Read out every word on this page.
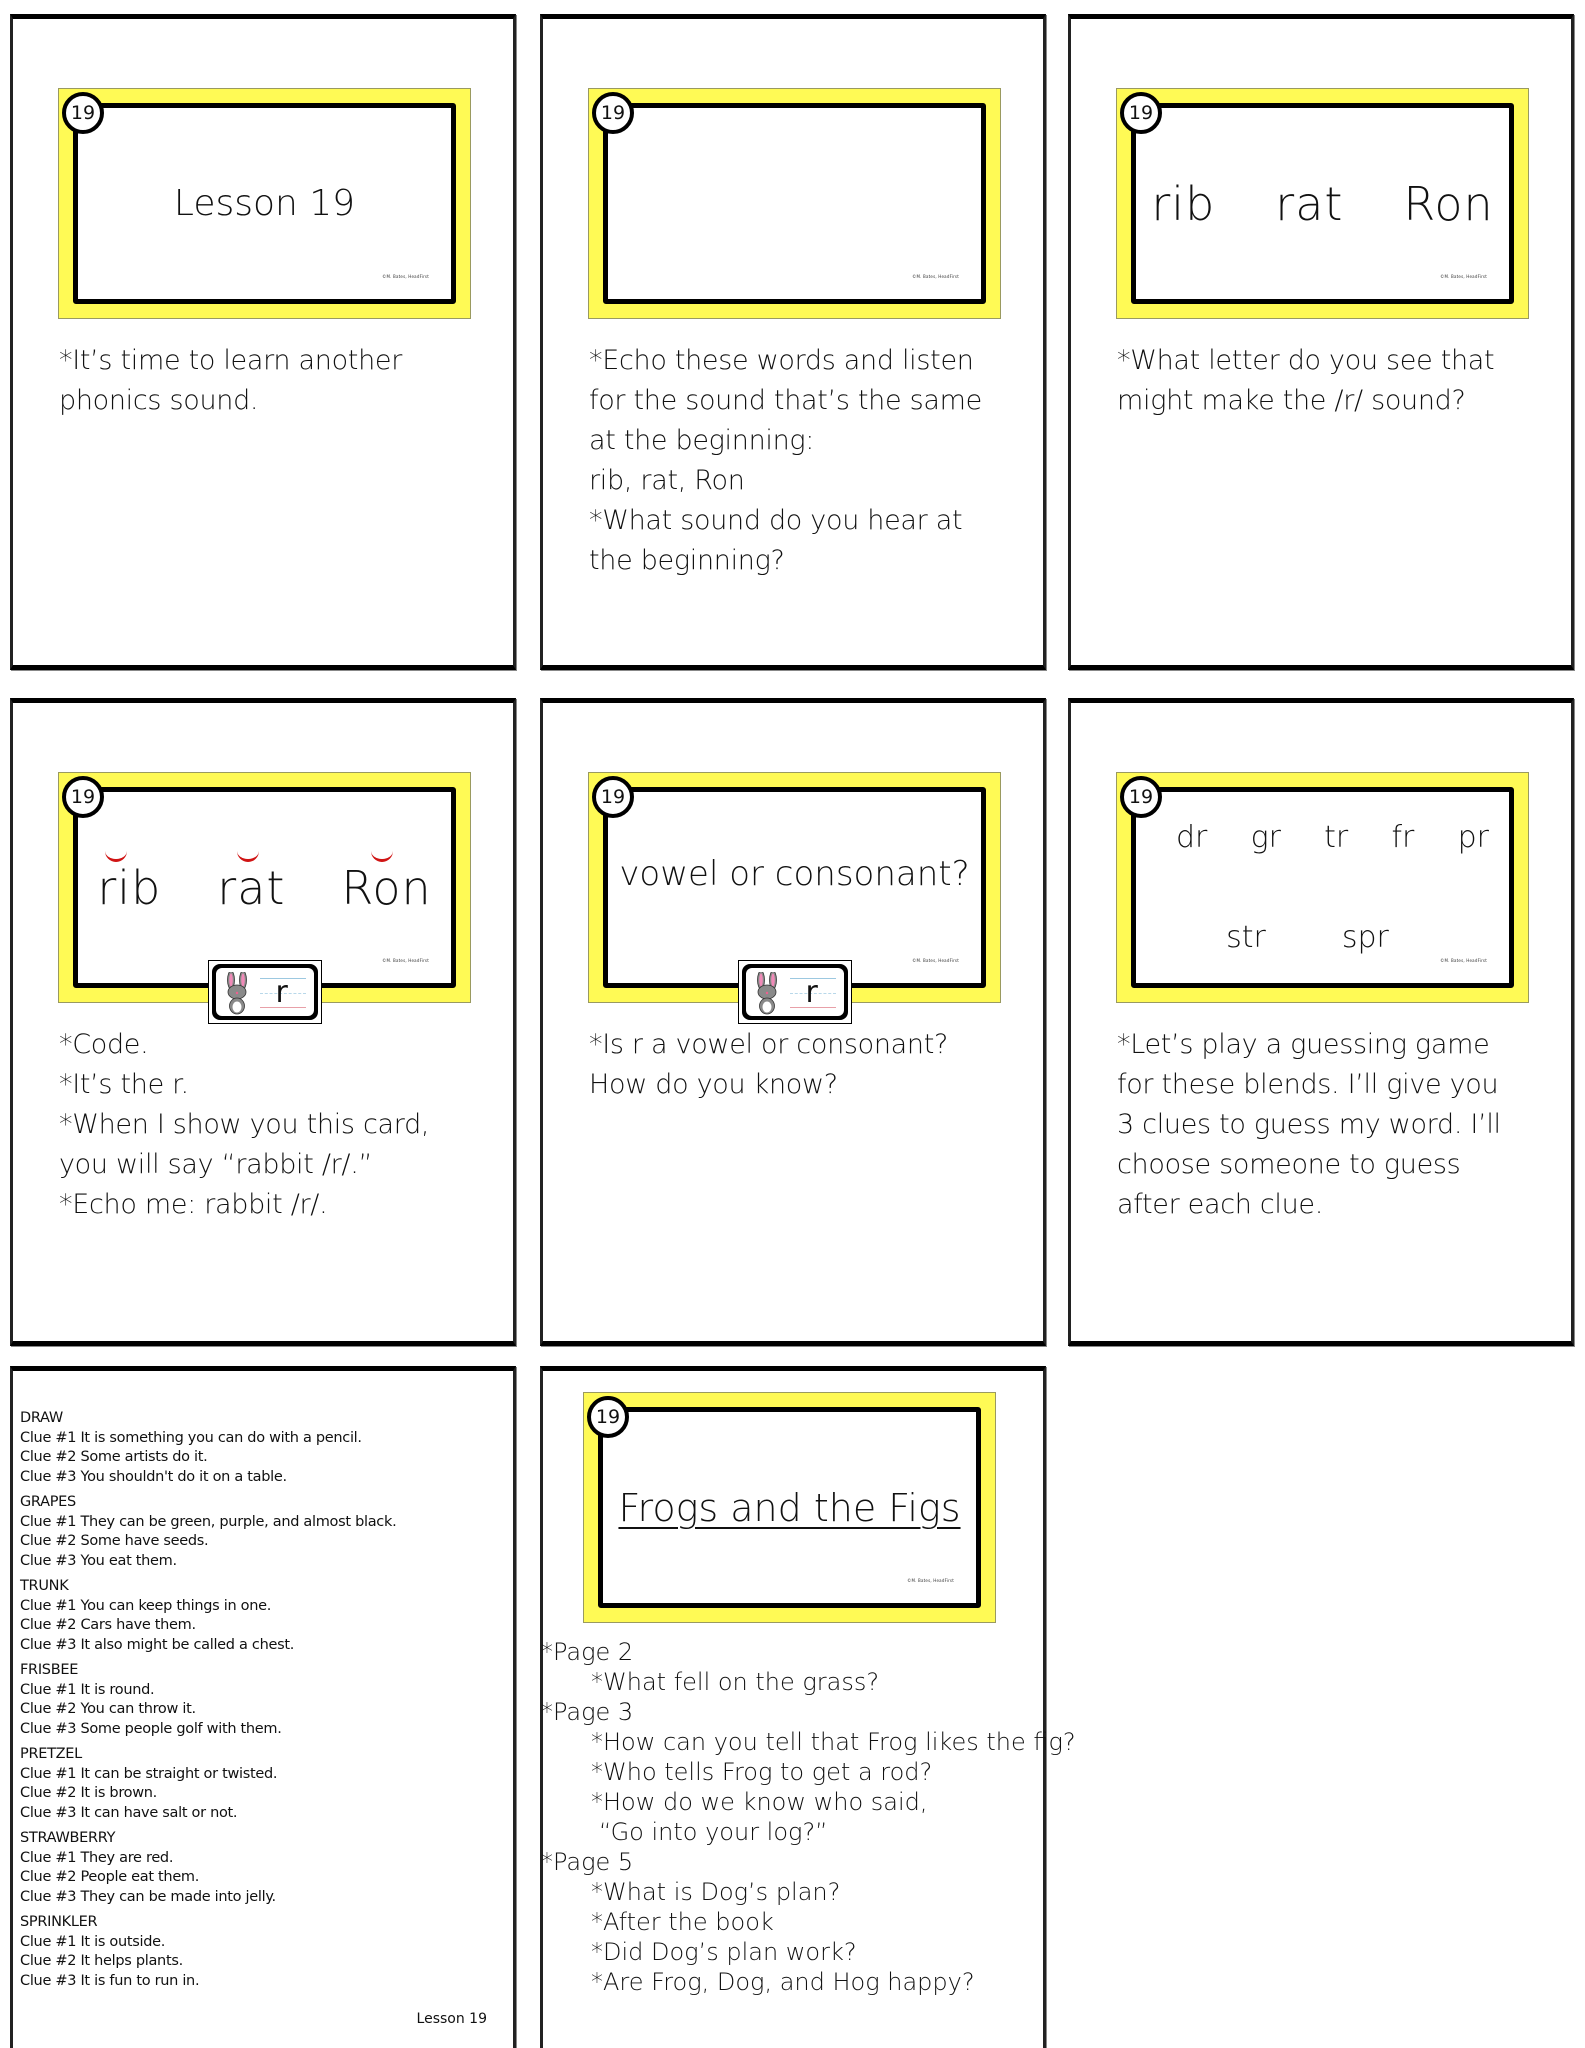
Lesson 19
©M. Bates, HeadFirst
19
*It’s time to learn another
phonics sound.
©M. Bates, HeadFirst
19
*Echo these words and listen
for the sound that’s the same
at the beginning:
rib, rat, Ron
*What sound do you hear at
the beginning?
rib rat Ron
©M. Bates, HeadFirst
19
*What letter do you see that
might make the /r/ sound?
rib rat Ron
©M. Bates, HeadFirst
19
r
*Code.
*It’s the r.
*When I show you this card,
you will say “rabbit /r/.”
*Echo me: rabbit /r/.
vowel or consonant?
©M. Bates, HeadFirst
19
r
*Is r a vowel or consonant?
How do you know?
dr gr tr fr pr
str	spr
©M. Bates, HeadFirst
19
*Let’s play a guessing game
for these blends. I’ll give you
3 clues to guess my word. I’ll
choose someone to guess
after each clue.
DRAW
Clue #1 It is something you can do with a pencil.
Clue #2 Some artists do it.
Clue #3 You shouldn't do it on a table.
GRAPES
Clue #1 They can be green, purple, and almost black.
Clue #2 Some have seeds.
Clue #3 You eat them.
TRUNK
Clue #1 You can keep things in one.
Clue #2 Cars have them.
Clue #3 It also might be called a chest.
FRISBEE
Clue #1 It is round.
Clue #2 You can throw it.
Clue #3 Some people golf with them.
PRETZEL
Clue #1 It can be straight or twisted.
Clue #2 It is brown.
Clue #3 It can have salt or not.
STRAWBERRY
Clue #1 They are red.
Clue #2 People eat them.
Clue #3 They can be made into jelly.
SPRINKLER
Clue #1 It is outside.
Clue #2 It helps plants.
Clue #3 It is fun to run in.
Lesson 19
Frogs and the Figs
©M. Bates, HeadFirst
19
*Page 2
*What fell on the grass?
*Page 3
*How can you tell that Frog likes the fig?
*Who tells Frog to get a rod?
*How do we know who said,
“Go into your log?”
*Page 5
*What is Dog’s plan?
*After the book
*Did Dog’s plan work?
*Are Frog, Dog, and Hog happy?
